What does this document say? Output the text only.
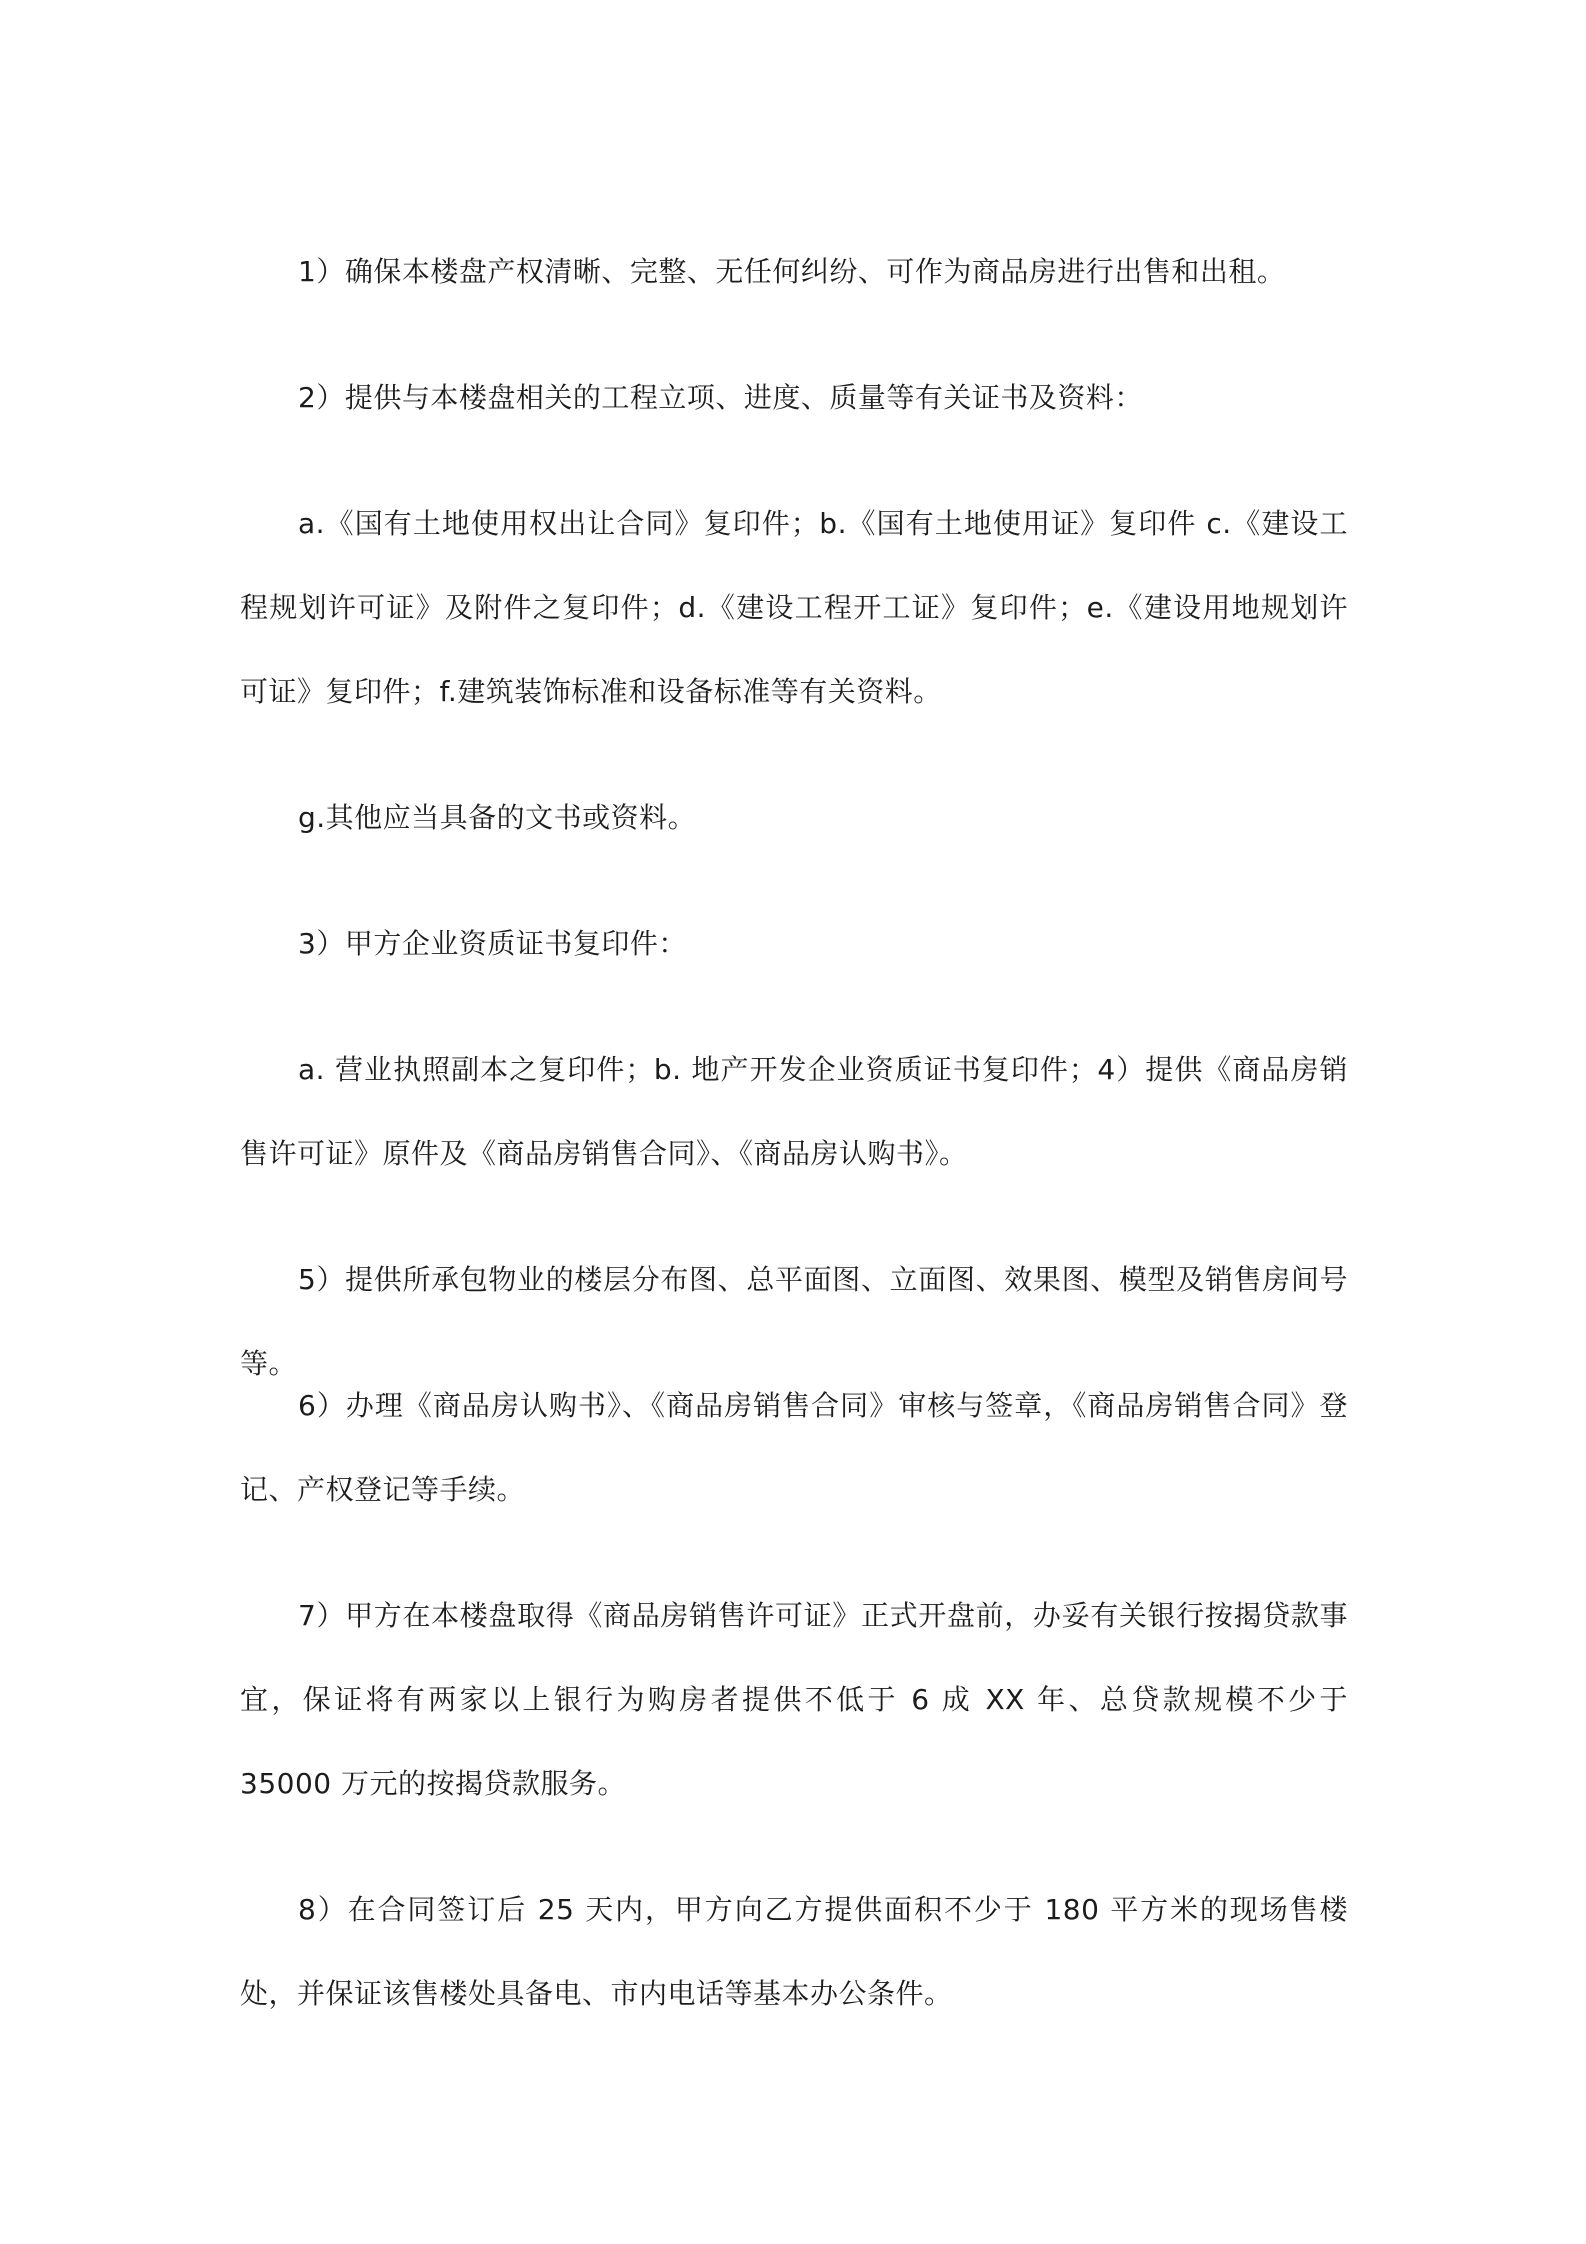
1）确保本楼盘产权清晰、完整、无任何纠纷、可作为商品房进行出售和出租。

2）提供与本楼盘相关的工程立项、进度、质量等有关证书及资料：

a.《国有土地使用权出让合同》复印件；b.《国有土地使用证》复印件 c.《建设工程规划许可证》及附件之复印件；d.《建设工程开工证》复印件；e.《建设用地规划许可证》复印件；f.建筑装饰标准和设备标准等有关资料。

g.其他应当具备的文书或资料。

3）甲方企业资质证书复印件：

a. 营业执照副本之复印件；b. 地产开发企业资质证书复印件；4）提供《商品房销售许可证》原件及《商品房销售合同》、《商品房认购书》。

5）提供所承包物业的楼层分布图、总平面图、立面图、效果图、模型及销售房间号等。

6）办理《商品房认购书》、《商品房销售合同》审核与签章，《商品房销售合同》登记、产权登记等手续。

7）甲方在本楼盘取得《商品房销售许可证》正式开盘前，办妥有关银行按揭贷款事宜，保证将有两家以上银行为购房者提供不低于 6 成 XX 年、总贷款规模不少于 35000 万元的按揭贷款服务。

8）在合同签订后 25 天内，甲方向乙方提供面积不少于 180 平方米的现场售楼处，并保证该售楼处具备电、市内电话等基本办公条件。
